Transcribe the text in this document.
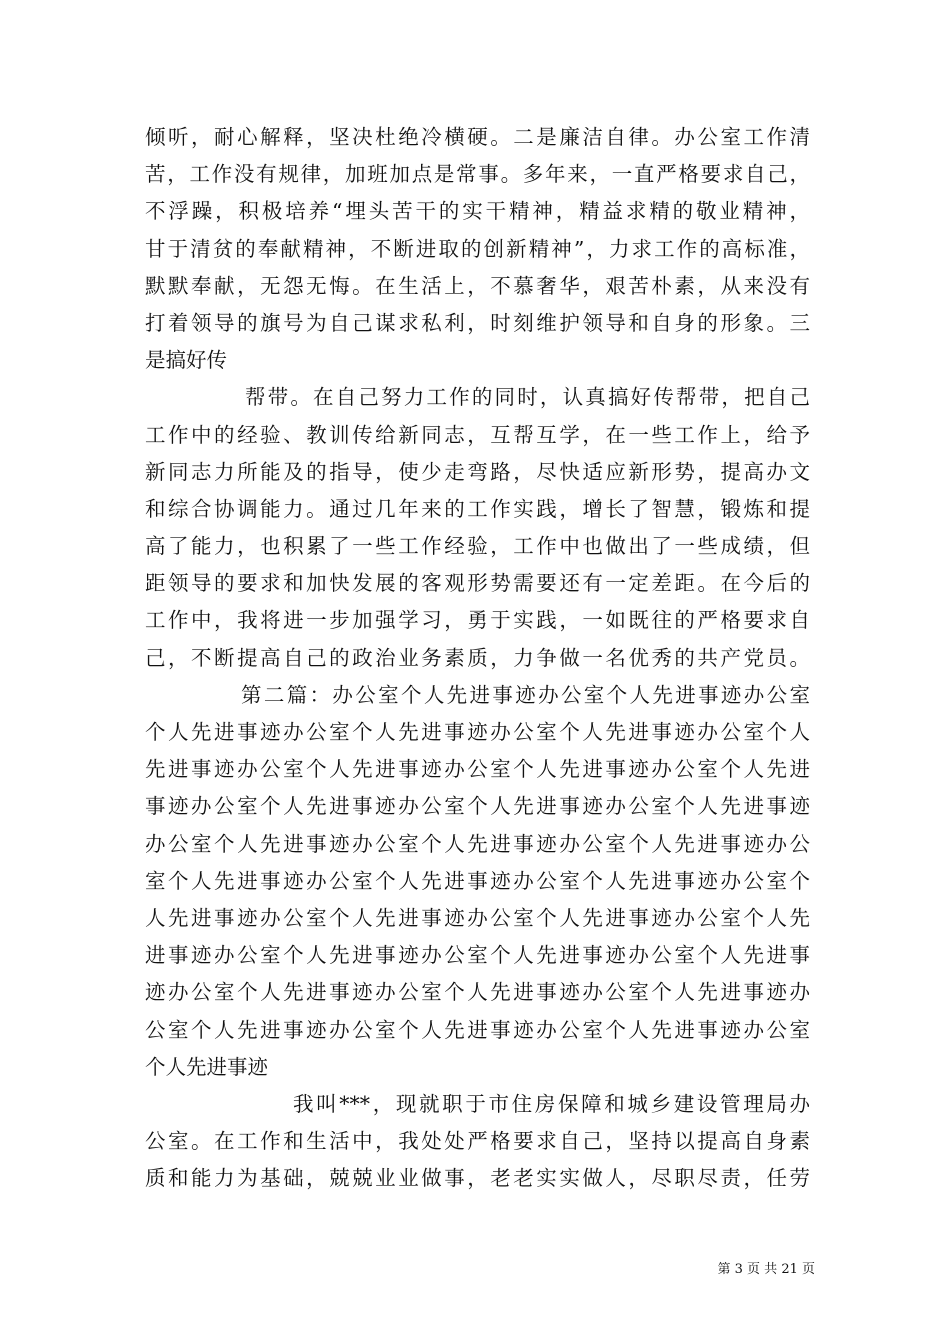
倾听，耐心解释，坚决杜绝冷横硬。二是廉洁自律。办公室工作清
苦，工作没有规律，加班加点是常事。多年来，一直严格要求自己，
不浮躁，积极培养“埋头苦干的实干精神，精益求精的敬业精神，
甘于清贫的奉献精神，不断进取的创新精神”，力求工作的高标准，
默默奉献，无怨无悔。在生活上，不慕奢华，艰苦朴素，从来没有
打着领导的旗号为自己谋求私利，时刻维护领导和自身的形象。三
是搞好传
帮带。在自己努力工作的同时，认真搞好传帮带，把自己
工作中的经验、教训传给新同志，互帮互学，在一些工作上，给予
新同志力所能及的指导，使少走弯路，尽快适应新形势，提高办文
和综合协调能力。通过几年来的工作实践，增长了智慧，锻炼和提
高了能力，也积累了一些工作经验，工作中也做出了一些成绩，但
距领导的要求和加快发展的客观形势需要还有一定差距。在今后的
工作中，我将进一步加强学习，勇于实践，一如既往的严格要求自
己，不断提高自己的政治业务素质，力争做一名优秀的共产党员。
第二篇：办公室个人先进事迹办公室个人先进事迹办公室
个人先进事迹办公室个人先进事迹办公室个人先进事迹办公室个人
先进事迹办公室个人先进事迹办公室个人先进事迹办公室个人先进
事迹办公室个人先进事迹办公室个人先进事迹办公室个人先进事迹
办公室个人先进事迹办公室个人先进事迹办公室个人先进事迹办公
室个人先进事迹办公室个人先进事迹办公室个人先进事迹办公室个
人先进事迹办公室个人先进事迹办公室个人先进事迹办公室个人先
进事迹办公室个人先进事迹办公室个人先进事迹办公室个人先进事
迹办公室个人先进事迹办公室个人先进事迹办公室个人先进事迹办
公室个人先进事迹办公室个人先进事迹办公室个人先进事迹办公室
个人先进事迹
我叫***，现就职于市住房保障和城乡建设管理局办
公室。在工作和生活中，我处处严格要求自己，坚持以提高自身素
质和能力为基础，兢兢业业做事，老老实实做人，尽职尽责，任劳
第 3 页 共 21 页
